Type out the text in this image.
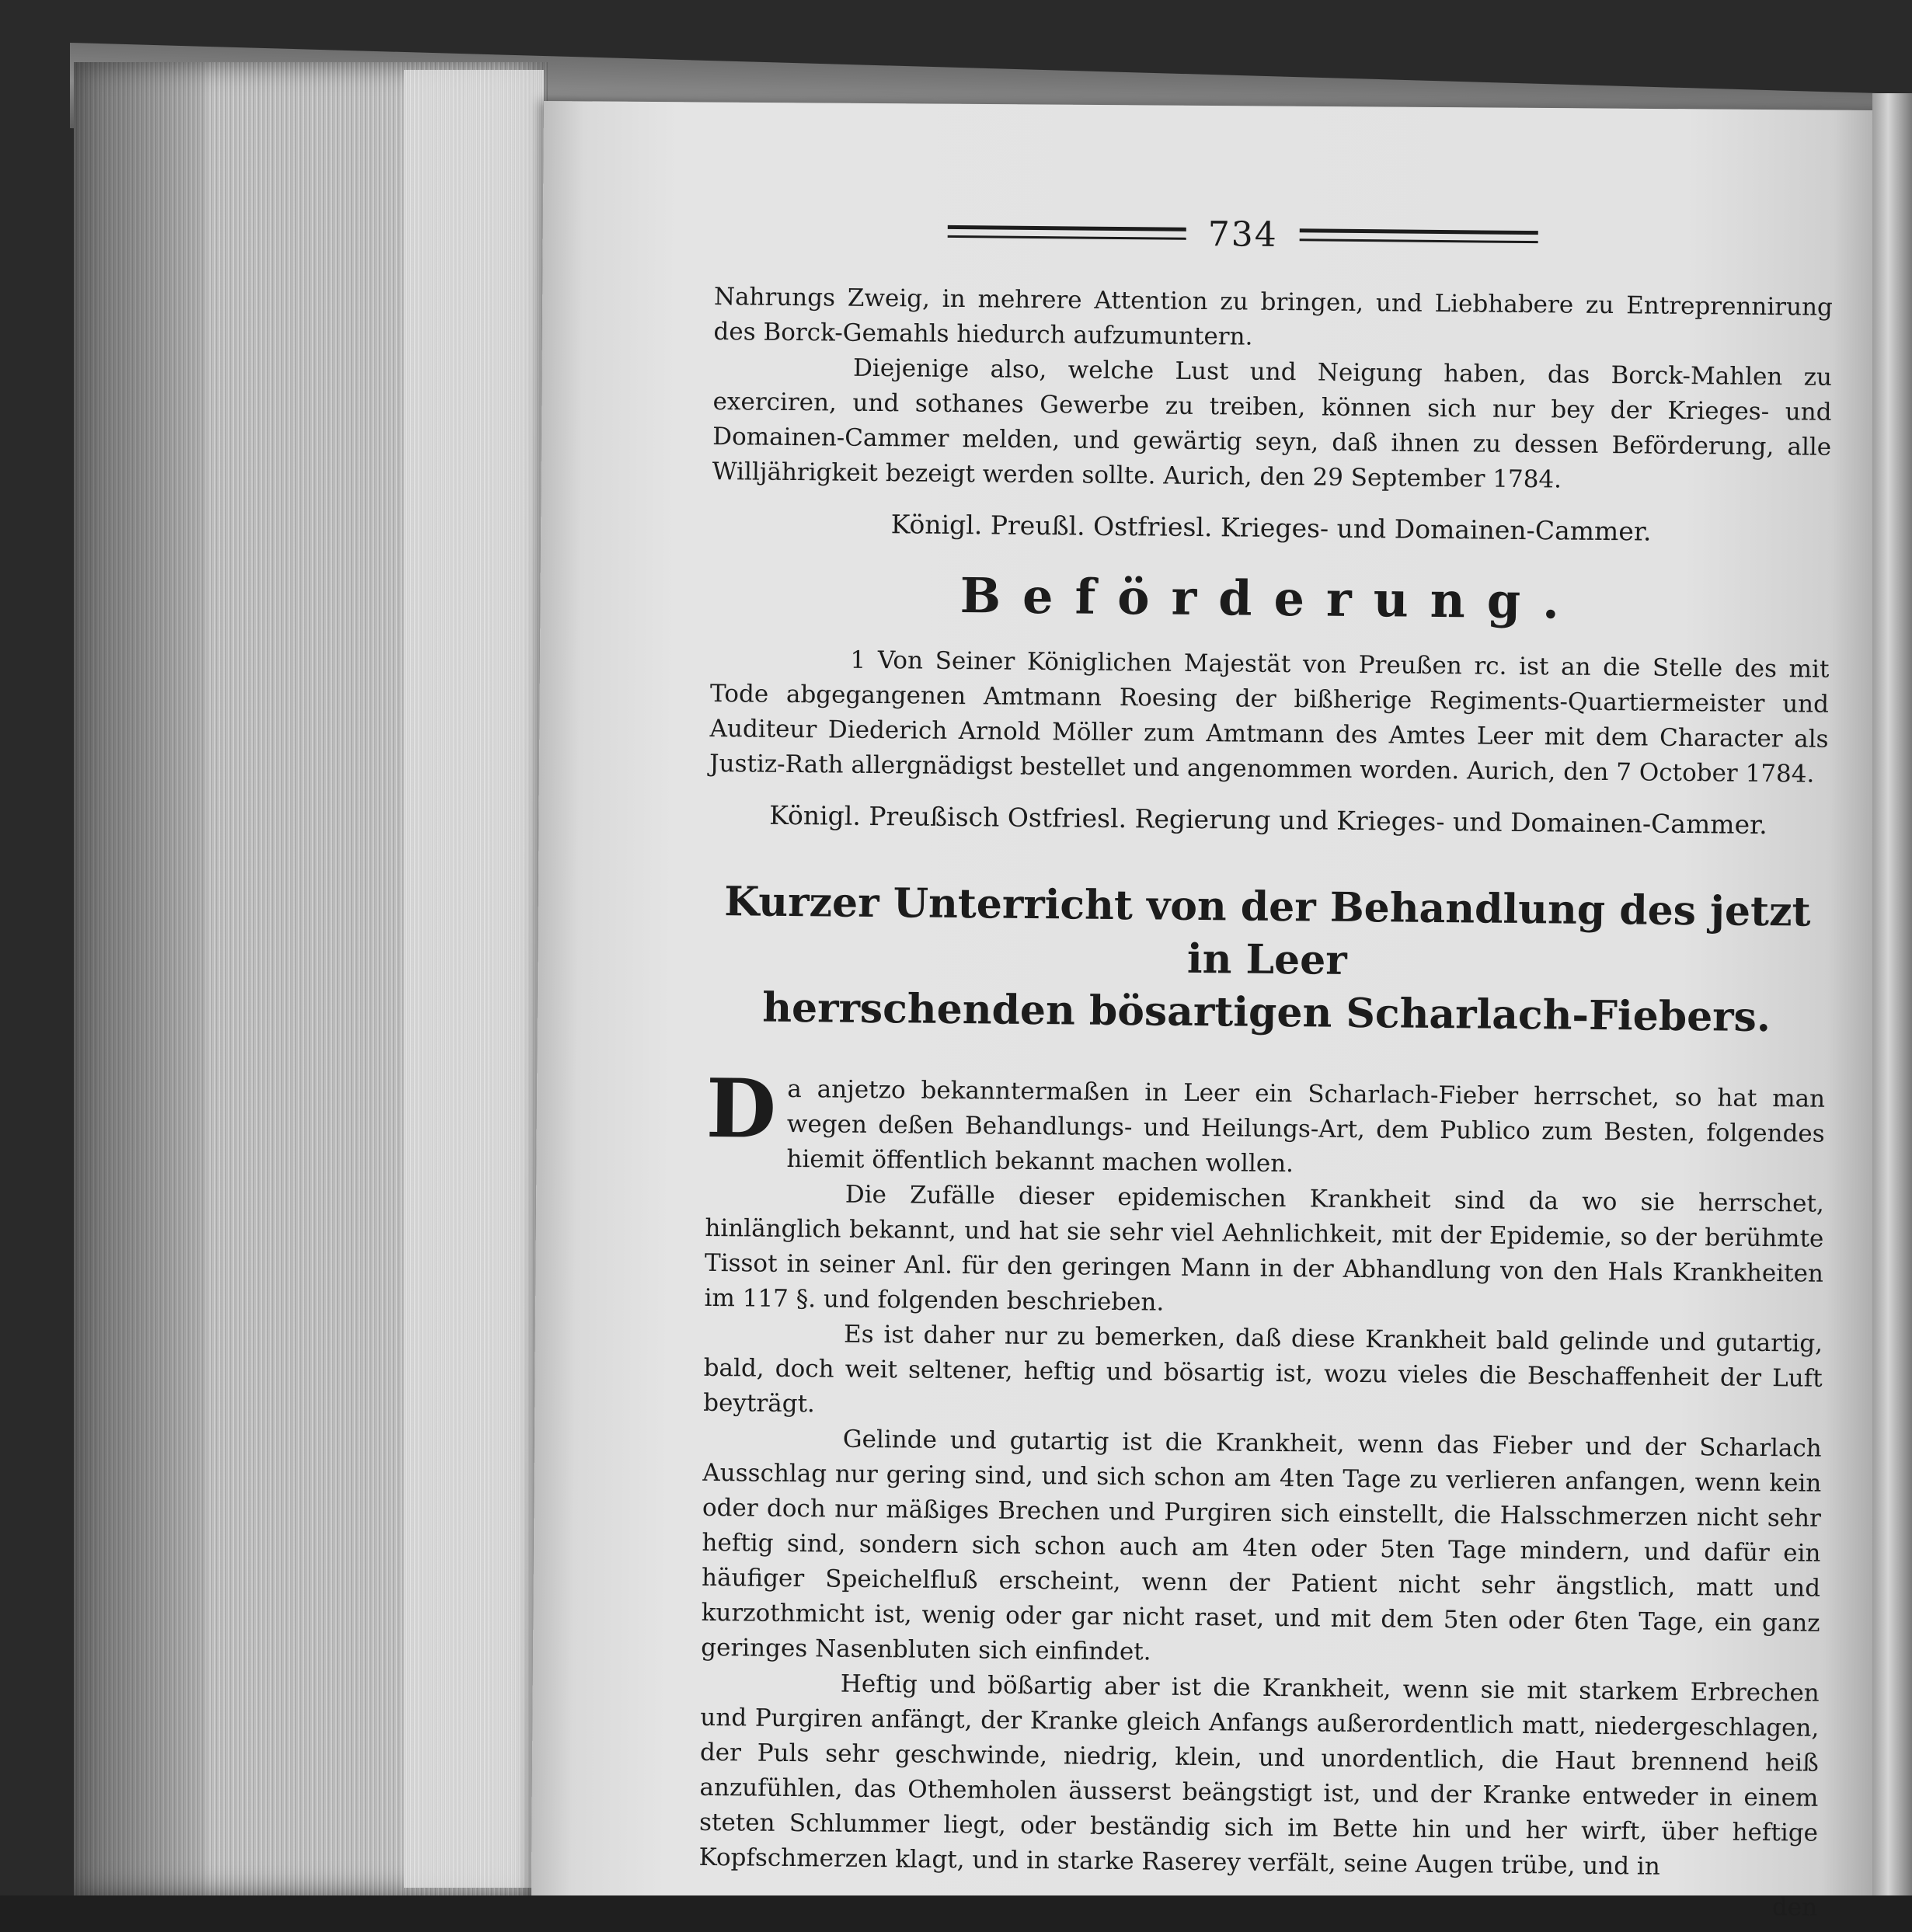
734

Nahrungs Zweig, in mehrere Attention zu bringen, und Liebhabere zu Entreprennirung des Borck-Gemahls hiedurch aufzumuntern.

Diejenige also, welche Lust und Neigung haben, das Borck-Mahlen zu exerciren, und sothanes Gewerbe zu treiben, können sich nur bey der Krieges- und Domainen-Cammer melden, und gewärtig seyn, daß ihnen zu dessen Beförderung, alle Willjährigkeit bezeigt werden sollte. Aurich, den 29 September 1784.

Königl. Preußl. Ostfriesl. Krieges- und Domainen-Cammer.
Beförderung.

1 Von Seiner Königlichen Majestät von Preußen rc. ist an die Stelle des mit Tode abgegangenen Amtmann Roesing der bißherige Regiments-Quartiermeister und Auditeur Diederich Arnold Möller zum Amtmann des Amtes Leer mit dem Character als Justiz-Rath allergnädigst bestellet und angenommen worden. Aurich, den 7 October 1784.

Königl. Preußisch Ostfriesl. Regierung und Krieges- und Domainen-Cammer.
Kurzer Unterricht von der Behandlung des jetzt in Leer
herrschenden bösartigen Scharlach-Fiebers.

Da anjetzo bekanntermaßen in Leer ein Scharlach-Fieber herrschet, so hat man wegen deßen Behandlungs- und Heilungs-Art, dem Publico zum Besten, folgendes hiemit öffentlich bekannt machen wollen.

Die Zufälle dieser epidemischen Krankheit sind da wo sie herrschet, hinlänglich bekannt, und hat sie sehr viel Aehnlichkeit, mit der Epidemie, so der berühmte Tissot in seiner Anl. für den geringen Mann in der Abhandlung von den Hals Krankheiten im 117 §. und folgenden beschrieben.

Es ist daher nur zu bemerken, daß diese Krankheit bald gelinde und gutartig, bald, doch weit seltener, heftig und bösartig ist, wozu vieles die Beschaffenheit der Luft beyträgt.

Gelinde und gutartig ist die Krankheit, wenn das Fieber und der Scharlach Ausschlag nur gering sind, und sich schon am 4ten Tage zu verlieren anfangen, wenn kein oder doch nur mäßiges Brechen und Purgiren sich einstellt, die Halsschmerzen nicht sehr heftig sind, sondern sich schon auch am 4ten oder 5ten Tage mindern, und dafür ein häufiger Speichelfluß erscheint, wenn der Patient nicht sehr ängstlich, matt und kurzothmicht ist, wenig oder gar nicht raset, und mit dem 5ten oder 6ten Tage, ein ganz geringes Nasenbluten sich einfindet.

Heftig und bößartig aber ist die Krankheit, wenn sie mit starkem Erbrechen und Purgiren anfängt, der Kranke gleich Anfangs außerordentlich matt, niedergeschlagen, der Puls sehr geschwinde, niedrig, klein, und unordentlich, die Haut brennend heiß anzufühlen, das Othemholen äusserst beängstigt ist, und der Kranke entweder in einem steten Schlummer liegt, oder beständig sich im Bette hin und her wirft, über heftige Kopfschmerzen klagt, und in starke Raserey verfält, seine Augen trübe, und in

den
